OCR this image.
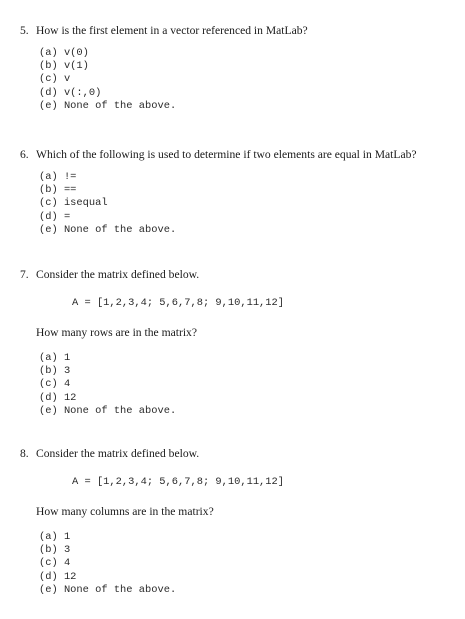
5. How is the first element in a vector referenced in MatLab?
(a) v(0)
(b) v(1)
(c) v
(d) v(:,0)
(e) None of the above.
6. Which of the following is used to determine if two elements are equal in MatLab?
(a) !=
(b) ==
(c) isequal
(d) =
(e) None of the above.
7. Consider the matrix defined below.
A = [1,2,3,4; 5,6,7,8; 9,10,11,12]
How many rows are in the matrix?
(a) 1
(b) 3
(c) 4
(d) 12
(e) None of the above.
8. Consider the matrix defined below.
A = [1,2,3,4; 5,6,7,8; 9,10,11,12]
How many columns are in the matrix?
(a) 1
(b) 3
(c) 4
(d) 12
(e) None of the above.
